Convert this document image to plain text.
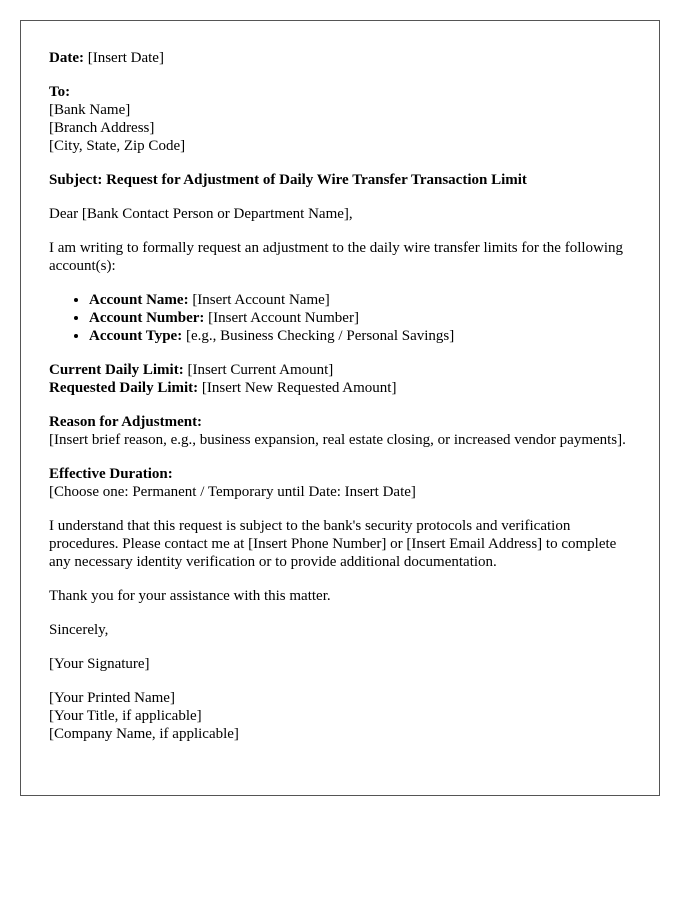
Date: [Insert Date]

To:
[Bank Name]
[Branch Address]
[City, State, Zip Code]

Subject: Request for Adjustment of Daily Wire Transfer Transaction Limit

Dear [Bank Contact Person or Department Name],

I am writing to formally request an adjustment to the daily wire transfer limits for the following account(s):

• Account Name: [Insert Account Name]
• Account Number: [Insert Account Number]
• Account Type: [e.g., Business Checking / Personal Savings]

Current Daily Limit: [Insert Current Amount]
Requested Daily Limit: [Insert New Requested Amount]

Reason for Adjustment:
[Insert brief reason, e.g., business expansion, real estate closing, or increased vendor payments].

Effective Duration:
[Choose one: Permanent / Temporary until Date: Insert Date]

I understand that this request is subject to the bank's security protocols and verification procedures. Please contact me at [Insert Phone Number] or [Insert Email Address] to complete any necessary identity verification or to provide additional documentation.

Thank you for your assistance with this matter.

Sincerely,

[Your Signature]

[Your Printed Name]
[Your Title, if applicable]
[Company Name, if applicable]
